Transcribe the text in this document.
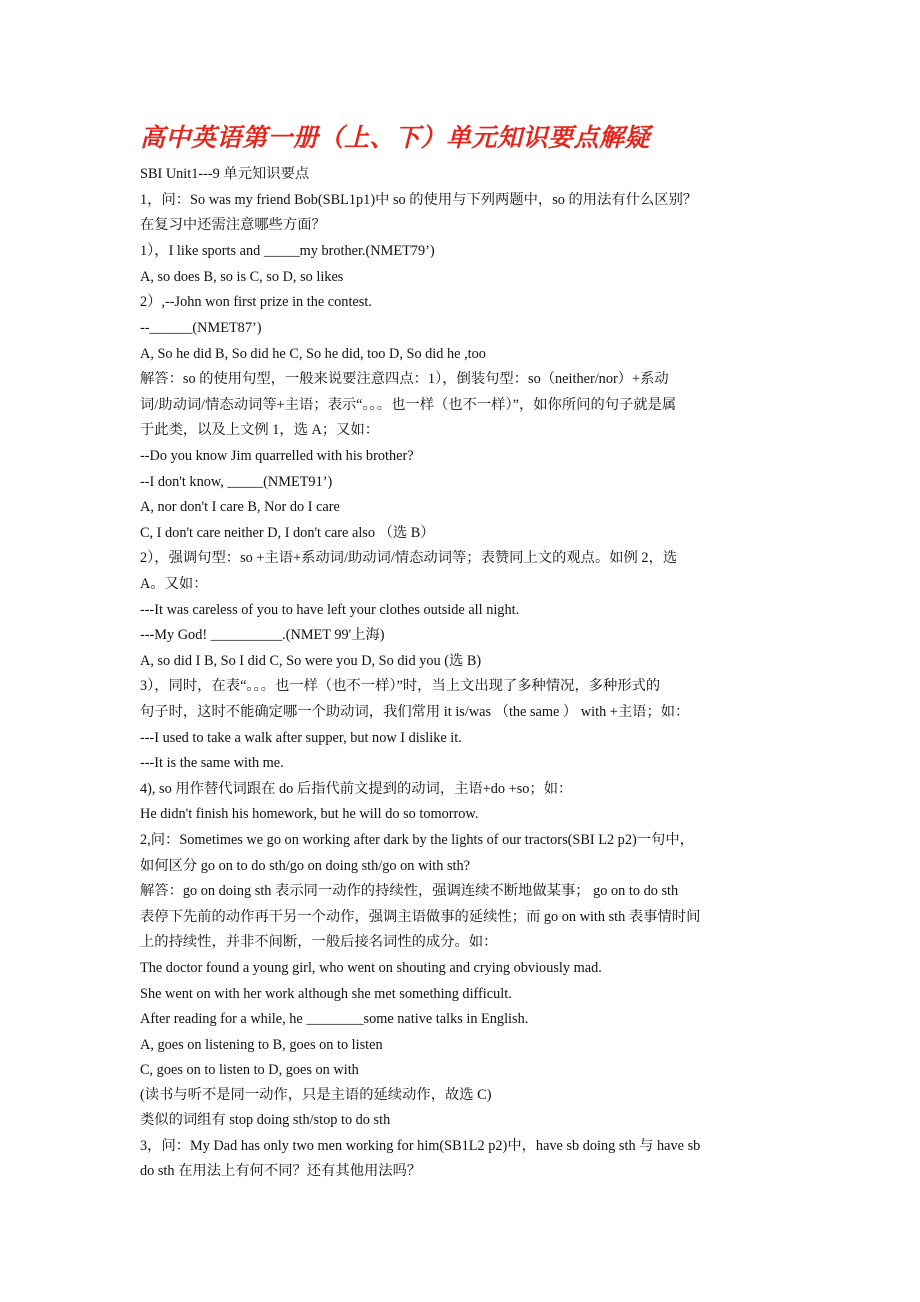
高中英语第一册（上、下）单元知识要点解疑
SBI Unit1---9 单元知识要点
1，问：So was my friend Bob(SBL1p1)中 so 的使用与下列两题中，so 的用法有什么区别？
在复习中还需注意哪些方面？
1），I like sports and _____my brother.(NMET79’)
A, so does B, so is C, so D, so likes
2）,--John won first prize in the contest.
--______(NMET87’)
A, So he did B, So did he C, So he did, too D, So did he ,too
解答：so 的使用句型，一般来说要注意四点：1），倒装句型：so（neither/nor）+系动
词/助动词/情态动词等+主语；表示“。。。也一样（也不一样）”，如你所问的句子就是属
于此类，以及上文例 1，选 A；又如：
--Do you know Jim quarrelled with his brother?
--I don't know, _____(NMET91’)
A, nor don't I care B, Nor do I care
C, I don't care neither D, I don't care also （选 B）
2），强调句型：so +主语+系动词/助动词/情态动词等；表赞同上文的观点。如例 2，选
A。又如：
---It was careless of you to have left your clothes outside all night.
---My God! __________.(NMET 99'上海)
A, so did I B, So I did C, So were you D, So did you (选 B)
3），同时，在表“。。。也一样（也不一样）”时，当上文出现了多种情况，多种形式的
句子时，这时不能确定哪一个助动词，我们常用 it is/was （the same ） with +主语；如：
---I used to take a walk after supper, but now I dislike it.
---It is the same with me.
4), so 用作替代词跟在 do 后指代前文提到的动词，主语+do +so；如：
He didn't finish his homework, but he will do so tomorrow.
2,问：Sometimes we go on working after dark by the lights of our tractors(SBI L2 p2)一句中，
如何区分 go on to do sth/go on doing sth/go on with sth?
解答：go on doing sth 表示同一动作的持续性，强调连续不断地做某事； go on to do sth
表停下先前的动作再干另一个动作，强调主语做事的延续性；而 go on with sth 表事情时间
上的持续性，并非不间断，一般后接名词性的成分。如：
The doctor found a young girl, who went on shouting and crying obviously mad.
She went on with her work although she met something difficult.
After reading for a while, he ________some native talks in English.
A, goes on listening to B, goes on to listen
C, goes on to listen to D, goes on with
(读书与听不是同一动作，只是主语的延续动作，故选 C)
类似的词组有 stop doing sth/stop to do sth
3，问：My Dad has only two men working for him(SB1L2 p2)中，have sb doing sth 与 have sb
do sth 在用法上有何不同？还有其他用法吗？
